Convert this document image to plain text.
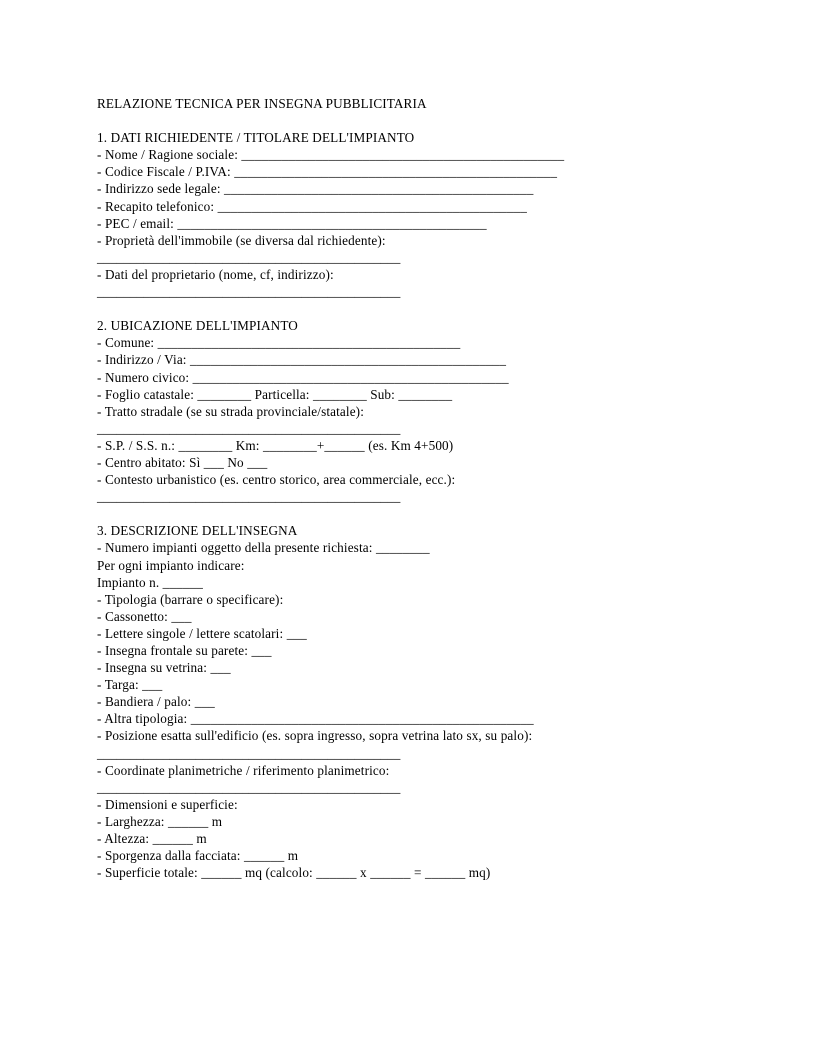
RELAZIONE TECNICA PER INSEGNA PUBBLICITARIA
1. DATI RICHIEDENTE / TITOLARE DELL'IMPIANTO
- Nome / Ragione sociale: ________________________________________________
- Codice Fiscale / P.IVA: ________________________________________________
- Indirizzo sede legale: ______________________________________________
- Recapito telefonico: ______________________________________________
- PEC / email: ______________________________________________
- Proprietà dell'immobile (se diversa dal richiedente):
______________________________________________
- Dati del proprietario (nome, cf, indirizzo):
______________________________________________
2. UBICAZIONE DELL'IMPIANTO
- Comune: _____________________________________________
- Indirizzo / Via: _______________________________________________
- Numero civico: _______________________________________________
- Foglio catastale: ________ Particella: ________ Sub: ________
- Tratto stradale (se su strada provinciale/statale):
______________________________________________
- S.P. / S.S. n.: ________ Km: ________+______ (es. Km 4+500)
- Centro abitato: Sì ___ No ___
- Contesto urbanistico (es. centro storico, area commerciale, ecc.):
______________________________________________
3. DESCRIZIONE DELL'INSEGNA
- Numero impianti oggetto della presente richiesta: ________
Per ogni impianto indicare:
Impianto n. ______
- Tipologia (barrare o specificare):
- Cassonetto: ___
- Lettere singole / lettere scatolari: ___
- Insegna frontale su parete: ___
- Insegna su vetrina: ___
- Targa: ___
- Bandiera / palo: ___
- Altra tipologia: ___________________________________________________
- Posizione esatta sull'edificio (es. sopra ingresso, sopra vetrina lato sx, su palo):
______________________________________________
- Coordinate planimetriche / riferimento planimetrico:
______________________________________________
- Dimensioni e superficie:
- Larghezza: ______ m
- Altezza: ______ m
- Sporgenza dalla facciata: ______ m
- Superficie totale: ______ mq (calcolo: ______ x ______ = ______ mq)
